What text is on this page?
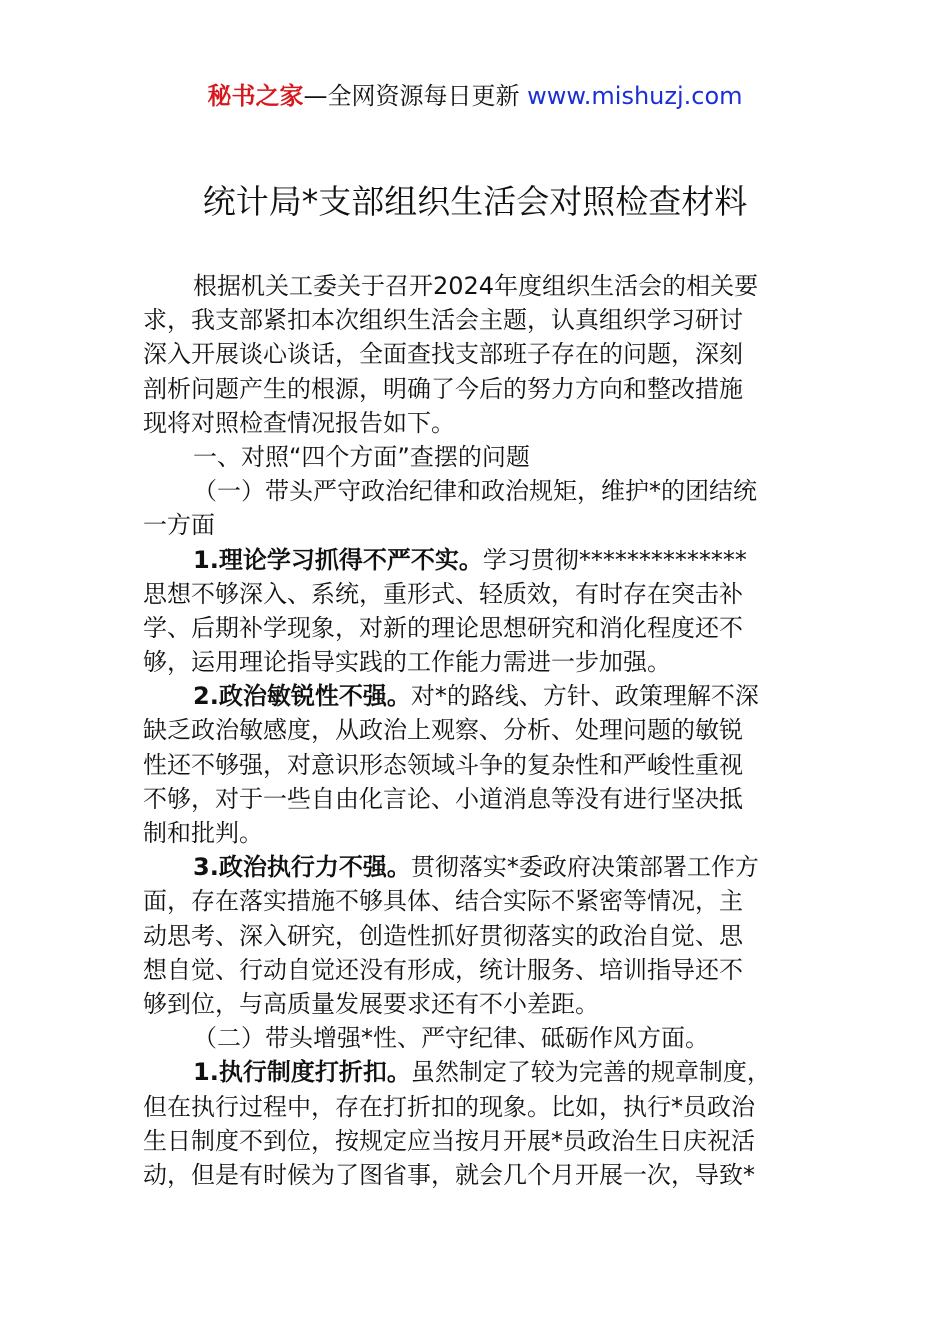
秘书之家—全网资源每日更新 www.mishuzj.com
统计局*支部组织生活会对照检查材料
根据机关工委关于召开2024年度组织生活会的相关要
求，我支部紧扣本次组织生活会主题，认真组织学习研讨
深入开展谈心谈话，全面查找支部班子存在的问题，深刻
剖析问题产生的根源，明确了今后的努力方向和整改措施
现将对照检查情况报告如下。
一、对照“四个方面”查摆的问题
（一）带头严守政治纪律和政治规矩，维护*的团结统
一方面
1.理论学习抓得不严不实。学习贯彻**************
思想不够深入、系统，重形式、轻质效，有时存在突击补
学、后期补学现象，对新的理论思想研究和消化程度还不
够，运用理论指导实践的工作能力需进一步加强。
2.政治敏锐性不强。对*的路线、方针、政策理解不深
缺乏政治敏感度，从政治上观察、分析、处理问题的敏锐
性还不够强，对意识形态领域斗争的复杂性和严峻性重视
不够，对于一些自由化言论、小道消息等没有进行坚决抵
制和批判。
3.政治执行力不强。贯彻落实*委政府决策部署工作方
面，存在落实措施不够具体、结合实际不紧密等情况，主
动思考、深入研究，创造性抓好贯彻落实的政治自觉、思
想自觉、行动自觉还没有形成，统计服务、培训指导还不
够到位，与高质量发展要求还有不小差距。
（二）带头增强*性、严守纪律、砥砺作风方面。
1.执行制度打折扣。虽然制定了较为完善的规章制度，
但在执行过程中，存在打折扣的现象。比如，执行*员政治
生日制度不到位，按规定应当按月开展*员政治生日庆祝活
动，但是有时候为了图省事，就会几个月开展一次，导致*
